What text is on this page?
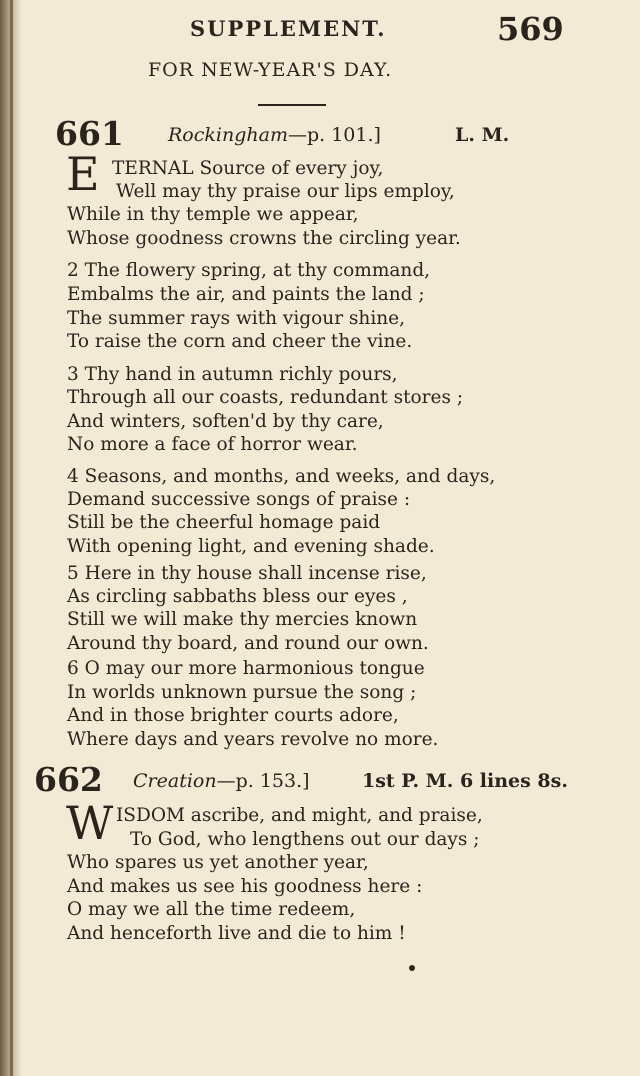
SUPPLEMENT.	569
FOR NEW-YEAR'S DAY.
661 Rockingham—p. 101.]	L. M.
E TERNAL Source of every joy,
Well may thy praise our lips employ,
While in thy temple we appear,
Whose goodness crowns the circling year.
2 The flowery spring, at thy command,
Embalms the air, and paints the land ;
The summer rays with vigour shine,
To raise the corn and cheer the vine.
3 Thy hand in autumn richly pours,
Through all our coasts, redundant stores ;
And winters, soften'd by thy care,
No more a face of horror wear.
4 Seasons, and months, and weeks, and days,
Demand successive songs of praise :
Still be the cheerful homage paid
With opening light, and evening shade.
5 Here in thy house shall incense rise,
As circling sabbaths bless our eyes ,
Still we will make thy mercies known
Around thy board, and round our own.
6 O may our more harmonious tongue
In worlds unknown pursue the song ;
And in those brighter courts adore,
Where days and years revolve no more.
662 Creation—p. 153.]	1st P. M. 6 lines 8s.
W ISDOM ascribe, and might, and praise,
To God, who lengthens out our days ;
Who spares us yet another year,
And makes us see his goodness here :
O may we all the time redeem,
And henceforth live and die to him !
